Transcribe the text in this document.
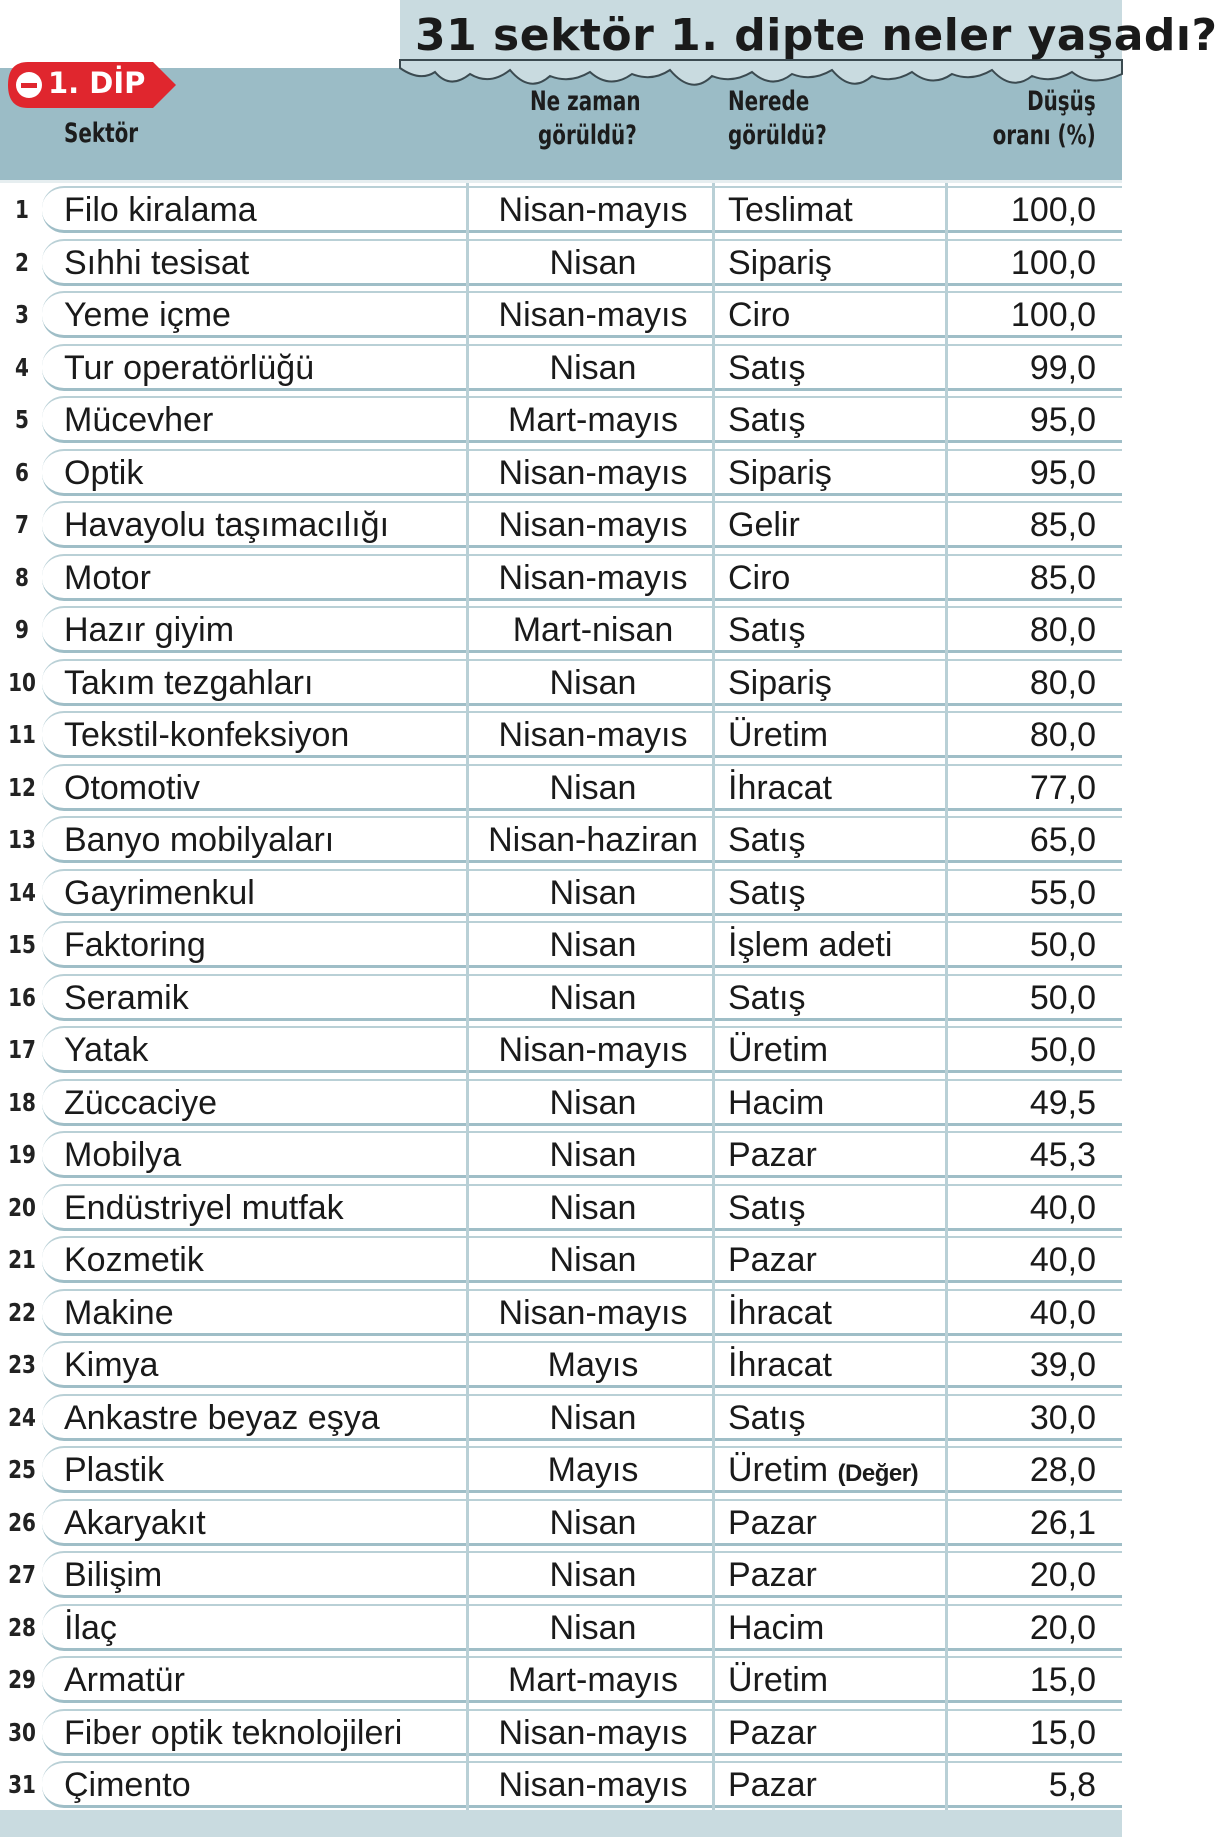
31 sektör 1. dipte neler yaşadı?
1. DİP
Sektör
Ne zaman
görüldü?
Nerede
görüldü?
Düşüş
oranı (%)
1	Filo kiralama	Nisan-mayıs	Teslimat	100,0
2	Sıhhi tesisat	Nisan	Sipariş	100,0
3	Yeme içme	Nisan-mayıs	Ciro	100,0
4	Tur operatörlüğü	Nisan	Satış	99,0
5	Mücevher	Mart-mayıs	Satış	95,0
6	Optik	Nisan-mayıs	Sipariş	95,0
7	Havayolu taşımacılığı	Nisan-mayıs	Gelir	85,0
8	Motor	Nisan-mayıs	Ciro	85,0
9	Hazır giyim	Mart-nisan	Satış	80,0
10 Takım tezgahları	Nisan	Sipariş	80,0
11 Tekstil-konfeksiyon	Nisan-mayıs	Üretim	80,0
12 Otomotiv	Nisan	İhracat	77,0
13 Banyo mobilyaları	Nisan-haziran Satış	65,0
14 Gayrimenkul	Nisan	Satış	55,0
15 Faktoring	Nisan	İşlem adeti	50,0
16 Seramik	Nisan	Satış	50,0
17 Yatak	Nisan-mayıs	Üretim	50,0
18 Züccaciye	Nisan	Hacim	49,5
19 Mobilya	Nisan	Pazar	45,3
20 Endüstriyel mutfak	Nisan	Satış	40,0
21 Kozmetik	Nisan	Pazar	40,0
22 Makine	Nisan-mayıs	İhracat	40,0
23 Kimya	Mayıs	İhracat	39,0
24 Ankastre beyaz eşya	Nisan	Satış	30,0
25 Plastik	Mayıs	Üretim (Değer)	28,0
26 Akaryakıt	Nisan	Pazar	26,1
27 Bilişim	Nisan	Pazar	20,0
28 İlaç	Nisan	Hacim	20,0
29 Armatür	Mart-mayıs	Üretim	15,0
30 Fiber optik teknolojileri	Nisan-mayıs	Pazar	15,0
31 Çimento	Nisan-mayıs	Pazar	5,8
